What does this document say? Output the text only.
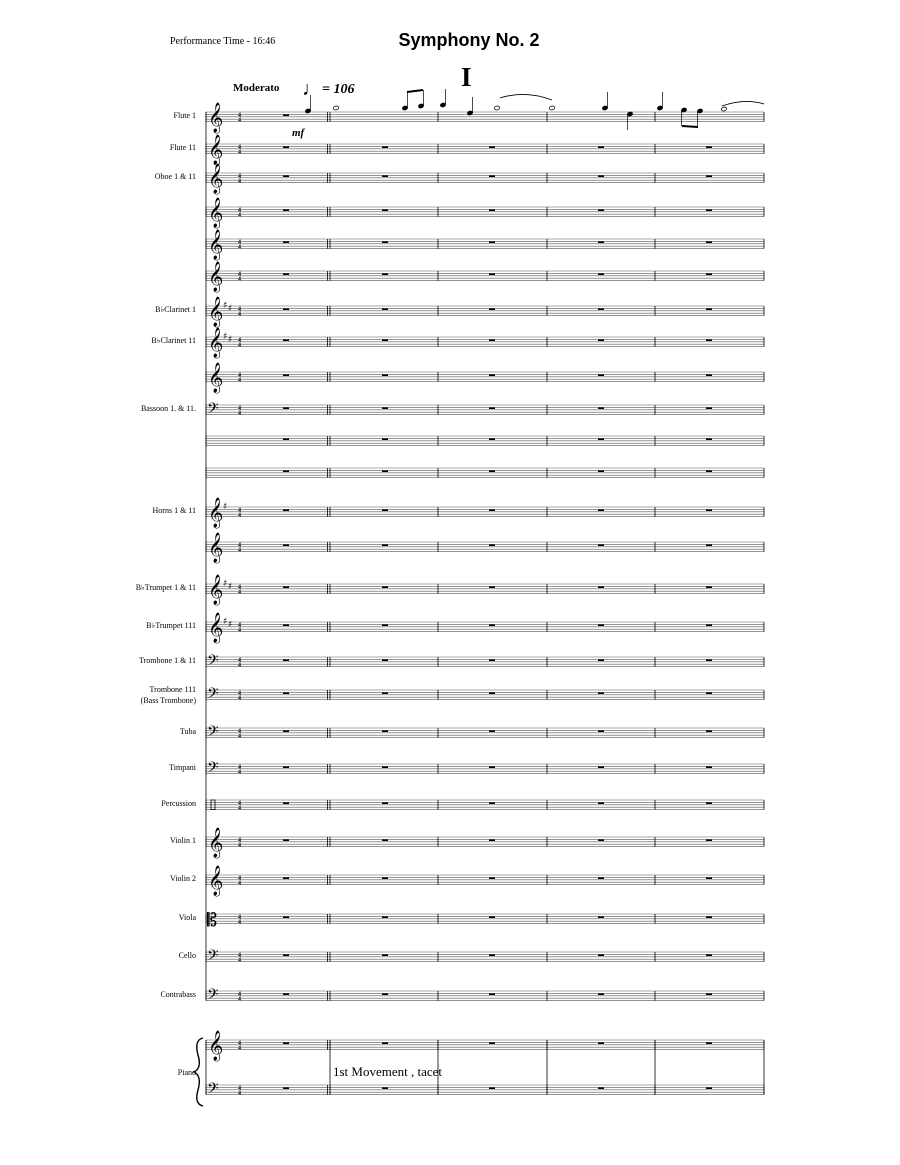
Performance Time - 16:46	Symphony No. 2
I
Moderato ♩= 106
mf
Flute 1
Flute 11
Oboe 1 & 11
B♭Clarinet 1
B♭Clarinet 11
Bassoon 1. & 11.
Horns 1 & 11
B♭Trumpet 1 & 11
B♭Trumpet 111
Trombone 1 & 11
Trombone 111
(Bass Trombone)
Tuba
Timpani
Percussion
Violin 1
Violin 2
Viola
Cello
Contrabass
1st Movement , tacet
Piano
𝄞 4
4
𝄞 4
4
𝄞 4
4
𝄞 4
4
𝄞 4
4
𝄞 4
4
𝄞 ♯ ♯ 4
4
𝄞 ♯ ♯ 4
4
𝄞 4
4
𝄢	4
4
𝄞 ♯ 4
4
𝄞 4
4
𝄞 ♯ ♯ 4
4
𝄞 ♯ ♯ 4
4
𝄢	4
4
𝄢	4
4
𝄢	4
4
𝄢	4
4
4
4
𝄞 4
4
𝄞 4
4
𝄡	4
4
𝄢	4
4
𝄢	4
4
𝄞 4
4
𝄢	4
4
